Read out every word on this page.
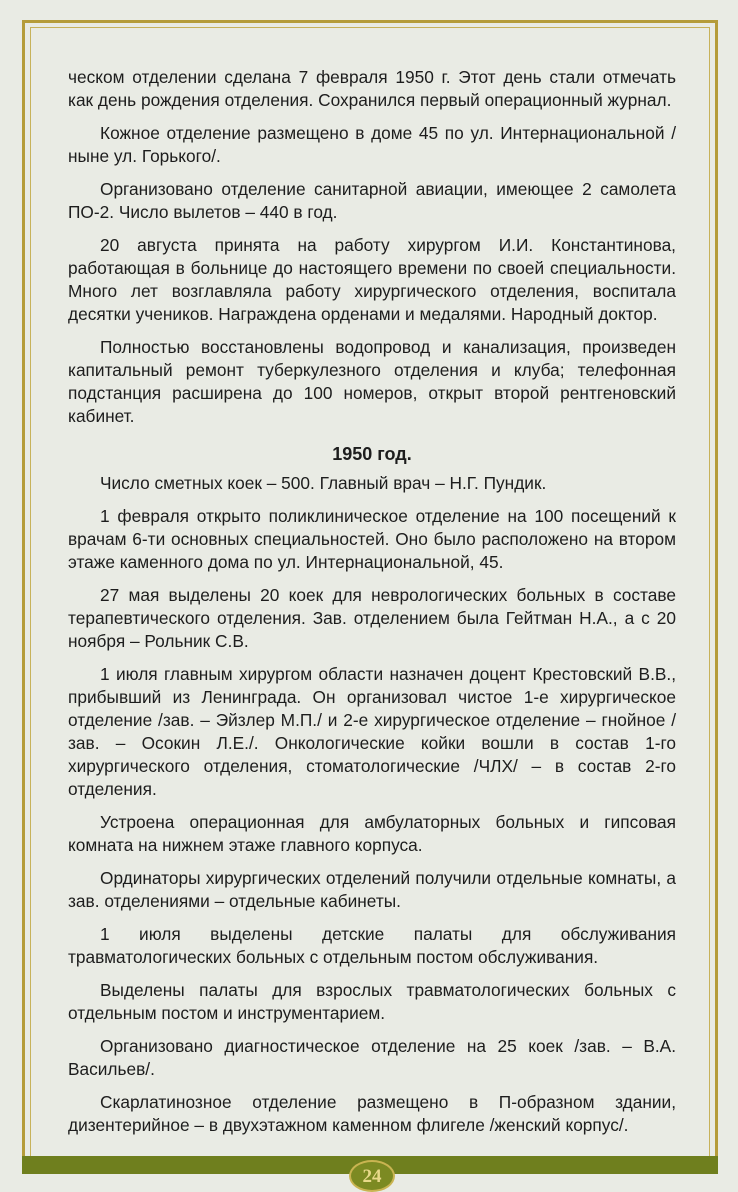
ческом отделении сделана 7 февраля 1950 г. Этот день стали отмечать как день рождения отделения. Сохранился первый операционный журнал.

Кожное отделение размещено в доме 45 по ул. Интернациональной /ныне ул. Горького/.

Организовано отделение санитарной авиации, имеющее 2 самолета ПО-2. Число вылетов – 440 в год.

20 августа принята на работу хирургом И.И. Константинова, работающая в больнице до настоящего времени по своей специальности. Много лет возглавляла работу хирургического отделения, воспитала десятки учеников. Награждена орденами и медалями. Народный доктор.

Полностью восстановлены водопровод и канализация, произведен капитальный ремонт туберкулезного отделения и клуба; телефонная подстанция расширена до 100 номеров, открыт второй рентгеновский кабинет.

1950 год.

Число сметных коек – 500. Главный врач – Н.Г. Пундик.

1 февраля открыто поликлиническое отделение на 100 посещений к врачам 6-ти основных специальностей. Оно было расположено на втором этаже каменного дома по ул. Интернациональной, 45.

27 мая выделены 20 коек для неврологических больных в составе терапевтического отделения. Зав. отделением была Гейтман Н.А., а с 20 ноября – Рольник С.В.

1 июля главным хирургом области назначен доцент Крестовский В.В., прибывший из Ленинграда. Он организовал чистое 1-е хирургическое отделение /зав. – Эйзлер М.П./ и 2-е хирургическое отделение – гнойное /зав. – Осокин Л.Е./. Онкологические койки вошли в состав 1-го хирургического отделения, стоматологические /ЧЛХ/ – в состав 2-го отделения.

Устроена операционная для амбулаторных больных и гипсовая комната на нижнем этаже главного корпуса.

Ординаторы хирургических отделений получили отдельные комнаты, а зав. отделениями – отдельные кабинеты.

1 июля выделены детские палаты для обслуживания травматологических больных с отдельным постом обслуживания.

Выделены палаты для взрослых травматологических больных с отдельным постом и инструментарием.

Организовано диагностическое отделение на 25 коек /зав. – В.А. Васильев/.

Скарлатинозное отделение размещено в П-образном здании, дизентерийное – в двухэтажном каменном флигеле /женский корпус/.

24
